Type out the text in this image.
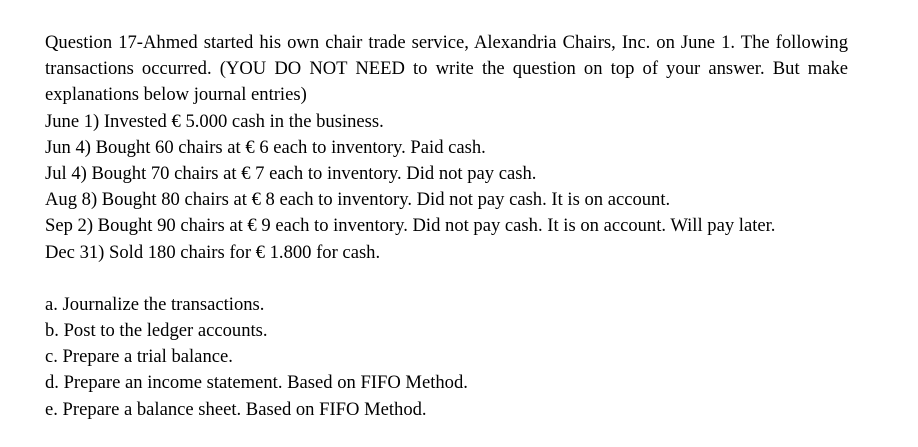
Question 17-Ahmed started his own chair trade service, Alexandria Chairs, Inc. on June 1. The following transactions occurred. (YOU DO NOT NEED to write the question on top of your answer. But make explanations below journal entries)

June 1) Invested € 5.000 cash in the business.

Jun 4) Bought 60 chairs at € 6 each to inventory. Paid cash.

Jul 4) Bought 70 chairs at € 7 each to inventory. Did not pay cash.

Aug 8) Bought 80 chairs at € 8 each to inventory. Did not pay cash. It is on account.

Sep 2) Bought 90 chairs at € 9 each to inventory. Did not pay cash. It is on account. Will pay later.

Dec 31) Sold 180 chairs for € 1.800 for cash.

a. Journalize the transactions.

b. Post to the ledger accounts.

c. Prepare a trial balance.

d. Prepare an income statement. Based on FIFO Method.

e. Prepare a balance sheet. Based on FIFO Method.
